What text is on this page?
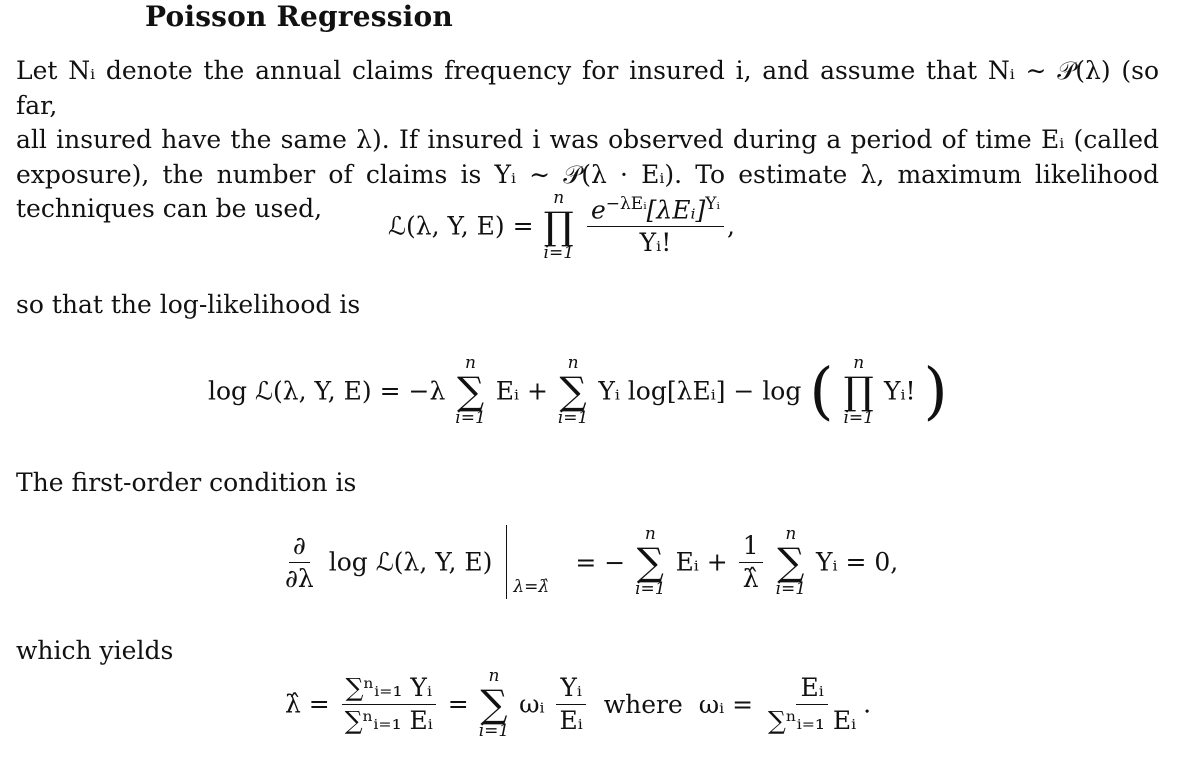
Poisson Regression
Let Nᵢ denote the annual claims frequency for insured i, and assume that Nᵢ ∼ 𝒫(λ) (so far,
all insured have the same λ). If insured i was observed during a period of time Eᵢ (called
exposure), the number of claims is Yᵢ ∼ 𝒫(λ · Eᵢ). To estimate λ, maximum likelihood
techniques can be used,
ℒ(λ, Y, E) =
n
∏
i=1
$\frac{e^{-\lambda Eᵢ}[\lambda Eᵢ]^{Yᵢ}}{\text{Yᵢ!}}$ ,
so that the log-likelihood is
log ℒ(λ, Y, E) = −λ
n
∑
i=1
Eᵢ +
n
∑
i=1
Yᵢ log[λEᵢ] − log ( n
∏
i=1
Yᵢ! )
The first-order condition is
$\frac{\partial}{\partial\lambda}$ log ℒ(λ, Y, E)
λ=λ̂
= −
n
∑
i=1
Eᵢ + $\frac{1}{\lambdâ}$
n
∑
i=1
Yᵢ = 0,
which yields
λ̂ = $\frac{\text{∑ⁿᵢ₌₁ Yᵢ}}{\text{∑ⁿᵢ₌₁ Eᵢ}}$ =
n
∑
i=1
ωᵢ $\frac{\text{Yᵢ}}{\text{Eᵢ}}$ where ωᵢ = $\frac{\text{Eᵢ}}{\text{∑ⁿᵢ₌₁ Eᵢ}}$ .
